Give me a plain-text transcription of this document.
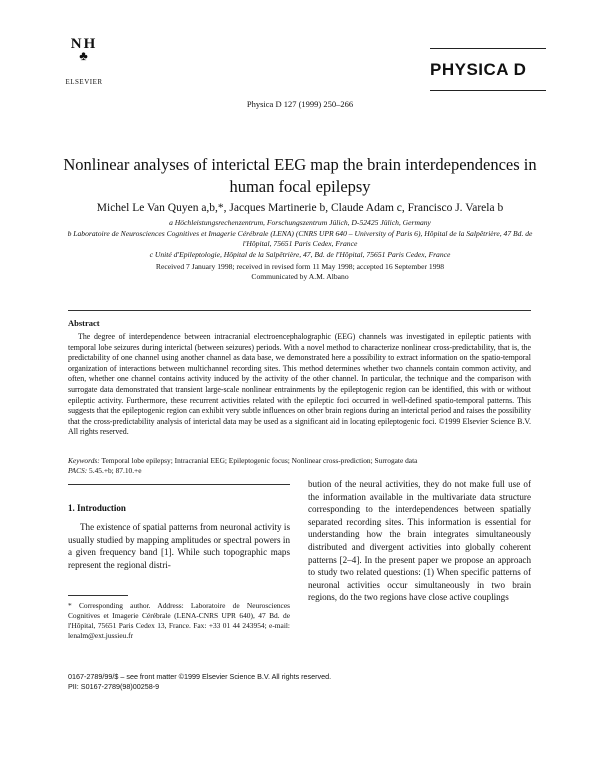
NH
♣
ELSEVIER
Physica D 127 (1999) 250–266
PHYSICA D
Nonlinear analyses of interictal EEG map the brain interdependences in human focal epilepsy
Michel Le Van Quyen a,b,*, Jacques Martinerie b, Claude Adam c, Francisco J. Varela b
a Höchleistungsrechenzentrum, Forschungszentrum Jülich, D-52425 Jülich, Germany
b Laboratoire de Neurosciences Cognitives et Imagerie Cérébrale (LENA) (CNRS UPR 640 – University of Paris 6), Hôpital de la Salpêtrière, 47 Bd. de l'Hôpital, 75651 Paris Cedex, France
c Unité d'Epileptologie, Hôpital de la Salpêtrière, 47, Bd. de l'Hôpital, 75651 Paris Cedex, France
Received 7 January 1998; received in revised form 11 May 1998; accepted 16 September 1998
Communicated by A.M. Albano
Abstract
The degree of interdependence between intracranial electroencephalographic (EEG) channels was investigated in epileptic patients with temporal lobe seizures during interictal (between seizures) periods. With a novel method to characterize nonlinear cross-predictability, that is, the predictability of one channel using another channel as data base, we demonstrated here a possibility to extract information on the spatio-temporal organization of interactions between multichannel recording sites. This method determines whether two channels contain common activity, and often, whether one channel contains activity induced by the activity of the other channel. In particular, the technique and the comparison with surrogate data demonstrated that transient large-scale nonlinear entrainments by the epileptogenic region can be identified, this with or without epileptic activity. Furthermore, these recurrent activities related with the epileptic foci occurred in well-defined spatio-temporal patterns. This suggests that the epileptogenic region can exhibit very subtle influences on other brain regions during an interictal period and raises the possibility that the cross-predictability analysis of interictal data may be used as a significant aid in locating epileptogenic foci. ©1999 Elsevier Science B.V. All rights reserved.
Keywords: Temporal lobe epilepsy; Intracranial EEG; Epileptogenic focus; Nonlinear cross-prediction; Surrogate data
PACS: 5.45.+b; 87.10.+e
1. Introduction
The existence of spatial patterns from neuronal activity is usually studied by mapping amplitudes or spectral powers in a given frequency band [1]. While such topographic maps represent the regional distri-
bution of the neural activities, they do not make full use of the information available in the multivariate data structure corresponding to the interdependences between spatially separated recording sites. This information is essential for understanding how the brain integrates simultaneously distributed and divergent activities into globally coherent patterns [2–4]. In the present paper we propose an approach to study two related questions: (1) When specific patterns of neuronal activities occur simultaneously in two brain regions, do the two regions have close active couplings
* Corresponding author. Address: Laboratoire de Neurosciences Cognitives et Imagerie Cérébrale (LENA-CNRS UPR 640), 47 Bd. de l'Hôpital, 75651 Paris Cedex 13, France. Fax: +33 01 44 243954; e-mail: lenalm@ext.jussieu.fr
0167-2789/99/$ – see front matter ©1999 Elsevier Science B.V. All rights reserved.
PII: S0167-2789(98)00258-9
